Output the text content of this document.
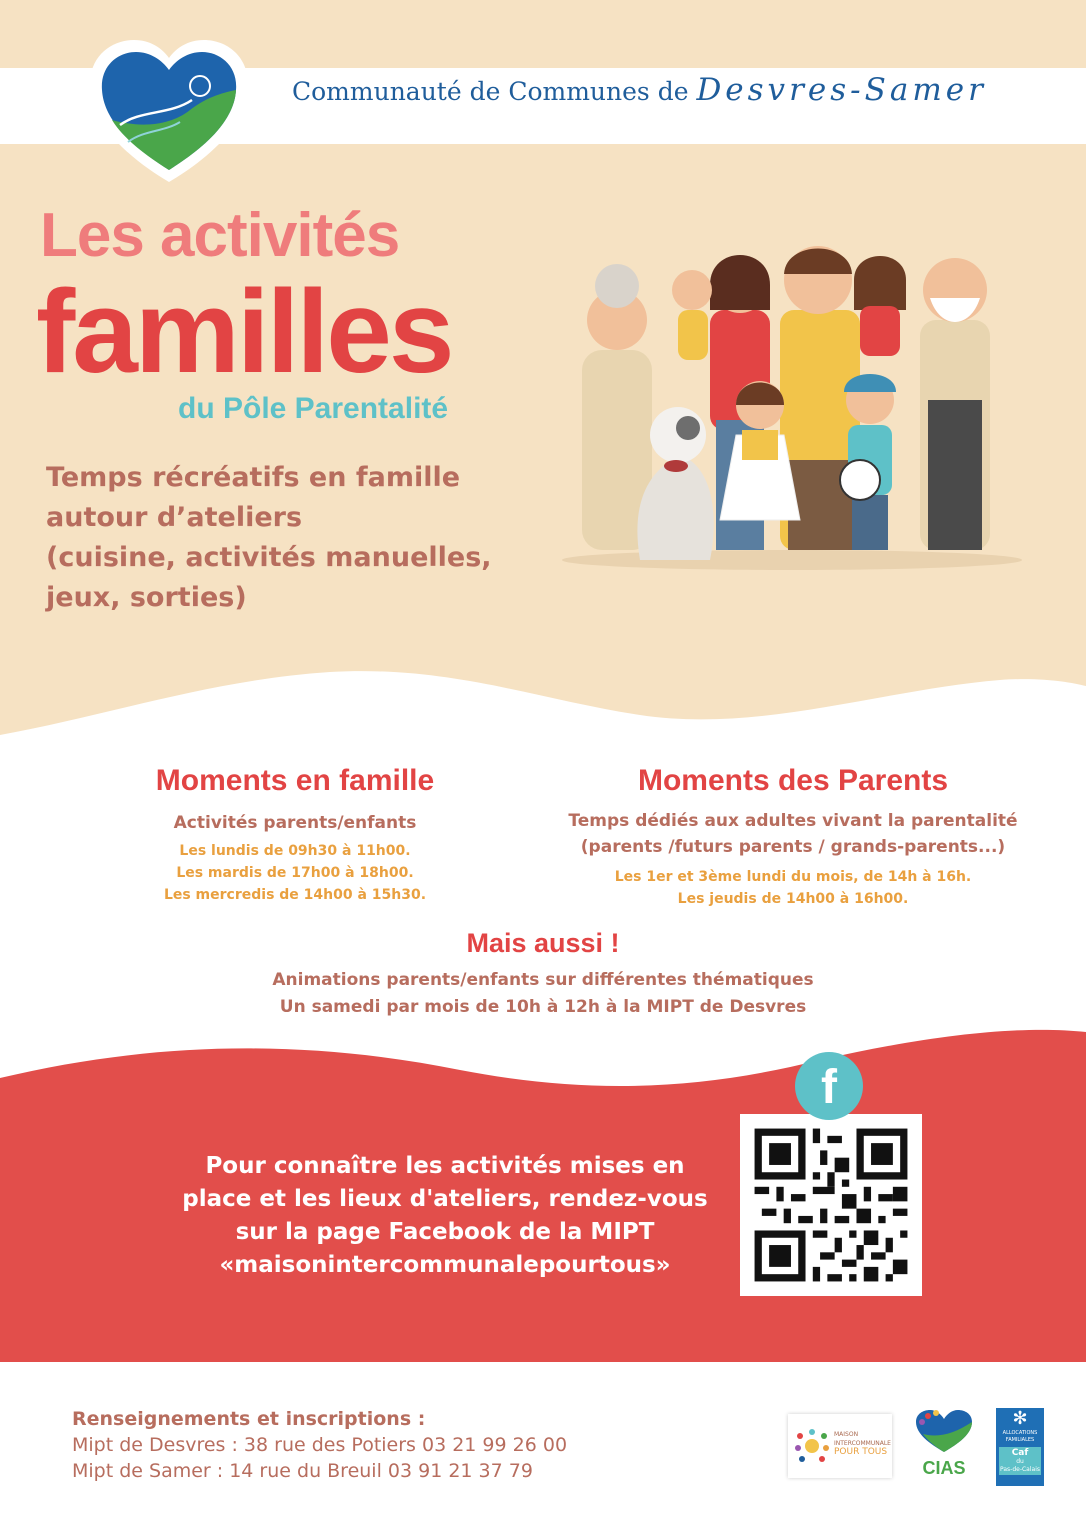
Communauté de Communes de Desvres-Samer
Les activités
familles
du Pôle Parentalité
Temps récréatifs en famille
autour d’ateliers
(cuisine, activités manuelles,
jeux, sorties)
Moments en famille
Activités parents/enfants
Les lundis de 09h30 à 11h00.
Les mardis de 17h00 à 18h00.
Les mercredis de 14h00 à 15h30.
Moments des Parents
Temps dédiés aux adultes vivant la parentalité
(parents /futurs parents / grands-parents...)
Les 1er et 3ème lundi du mois, de 14h à 16h.
Les jeudis de 14h00 à 16h00.
Mais aussi !
Animations parents/enfants sur différentes thématiques
Un samedi par mois de 10h à 12h à la MIPT de Desvres
Pour connaître les activités mises en
place et les lieux d'ateliers, rendez-vous
sur la page Facebook de la MIPT
«maisonintercommunalepourtous»
f
Renseignements et inscriptions :
Mipt de Desvres : 38 rue des Potiers 03 21 99 26 00
Mipt de Samer : 14 rue du Breuil 03 91 21 37 79
MAISON
INTERCOMMUNALE
POUR TOUS
CIAS
✻
ALLOCATIONS
FAMILIALES
Caf
du
Pas-de-Calais
